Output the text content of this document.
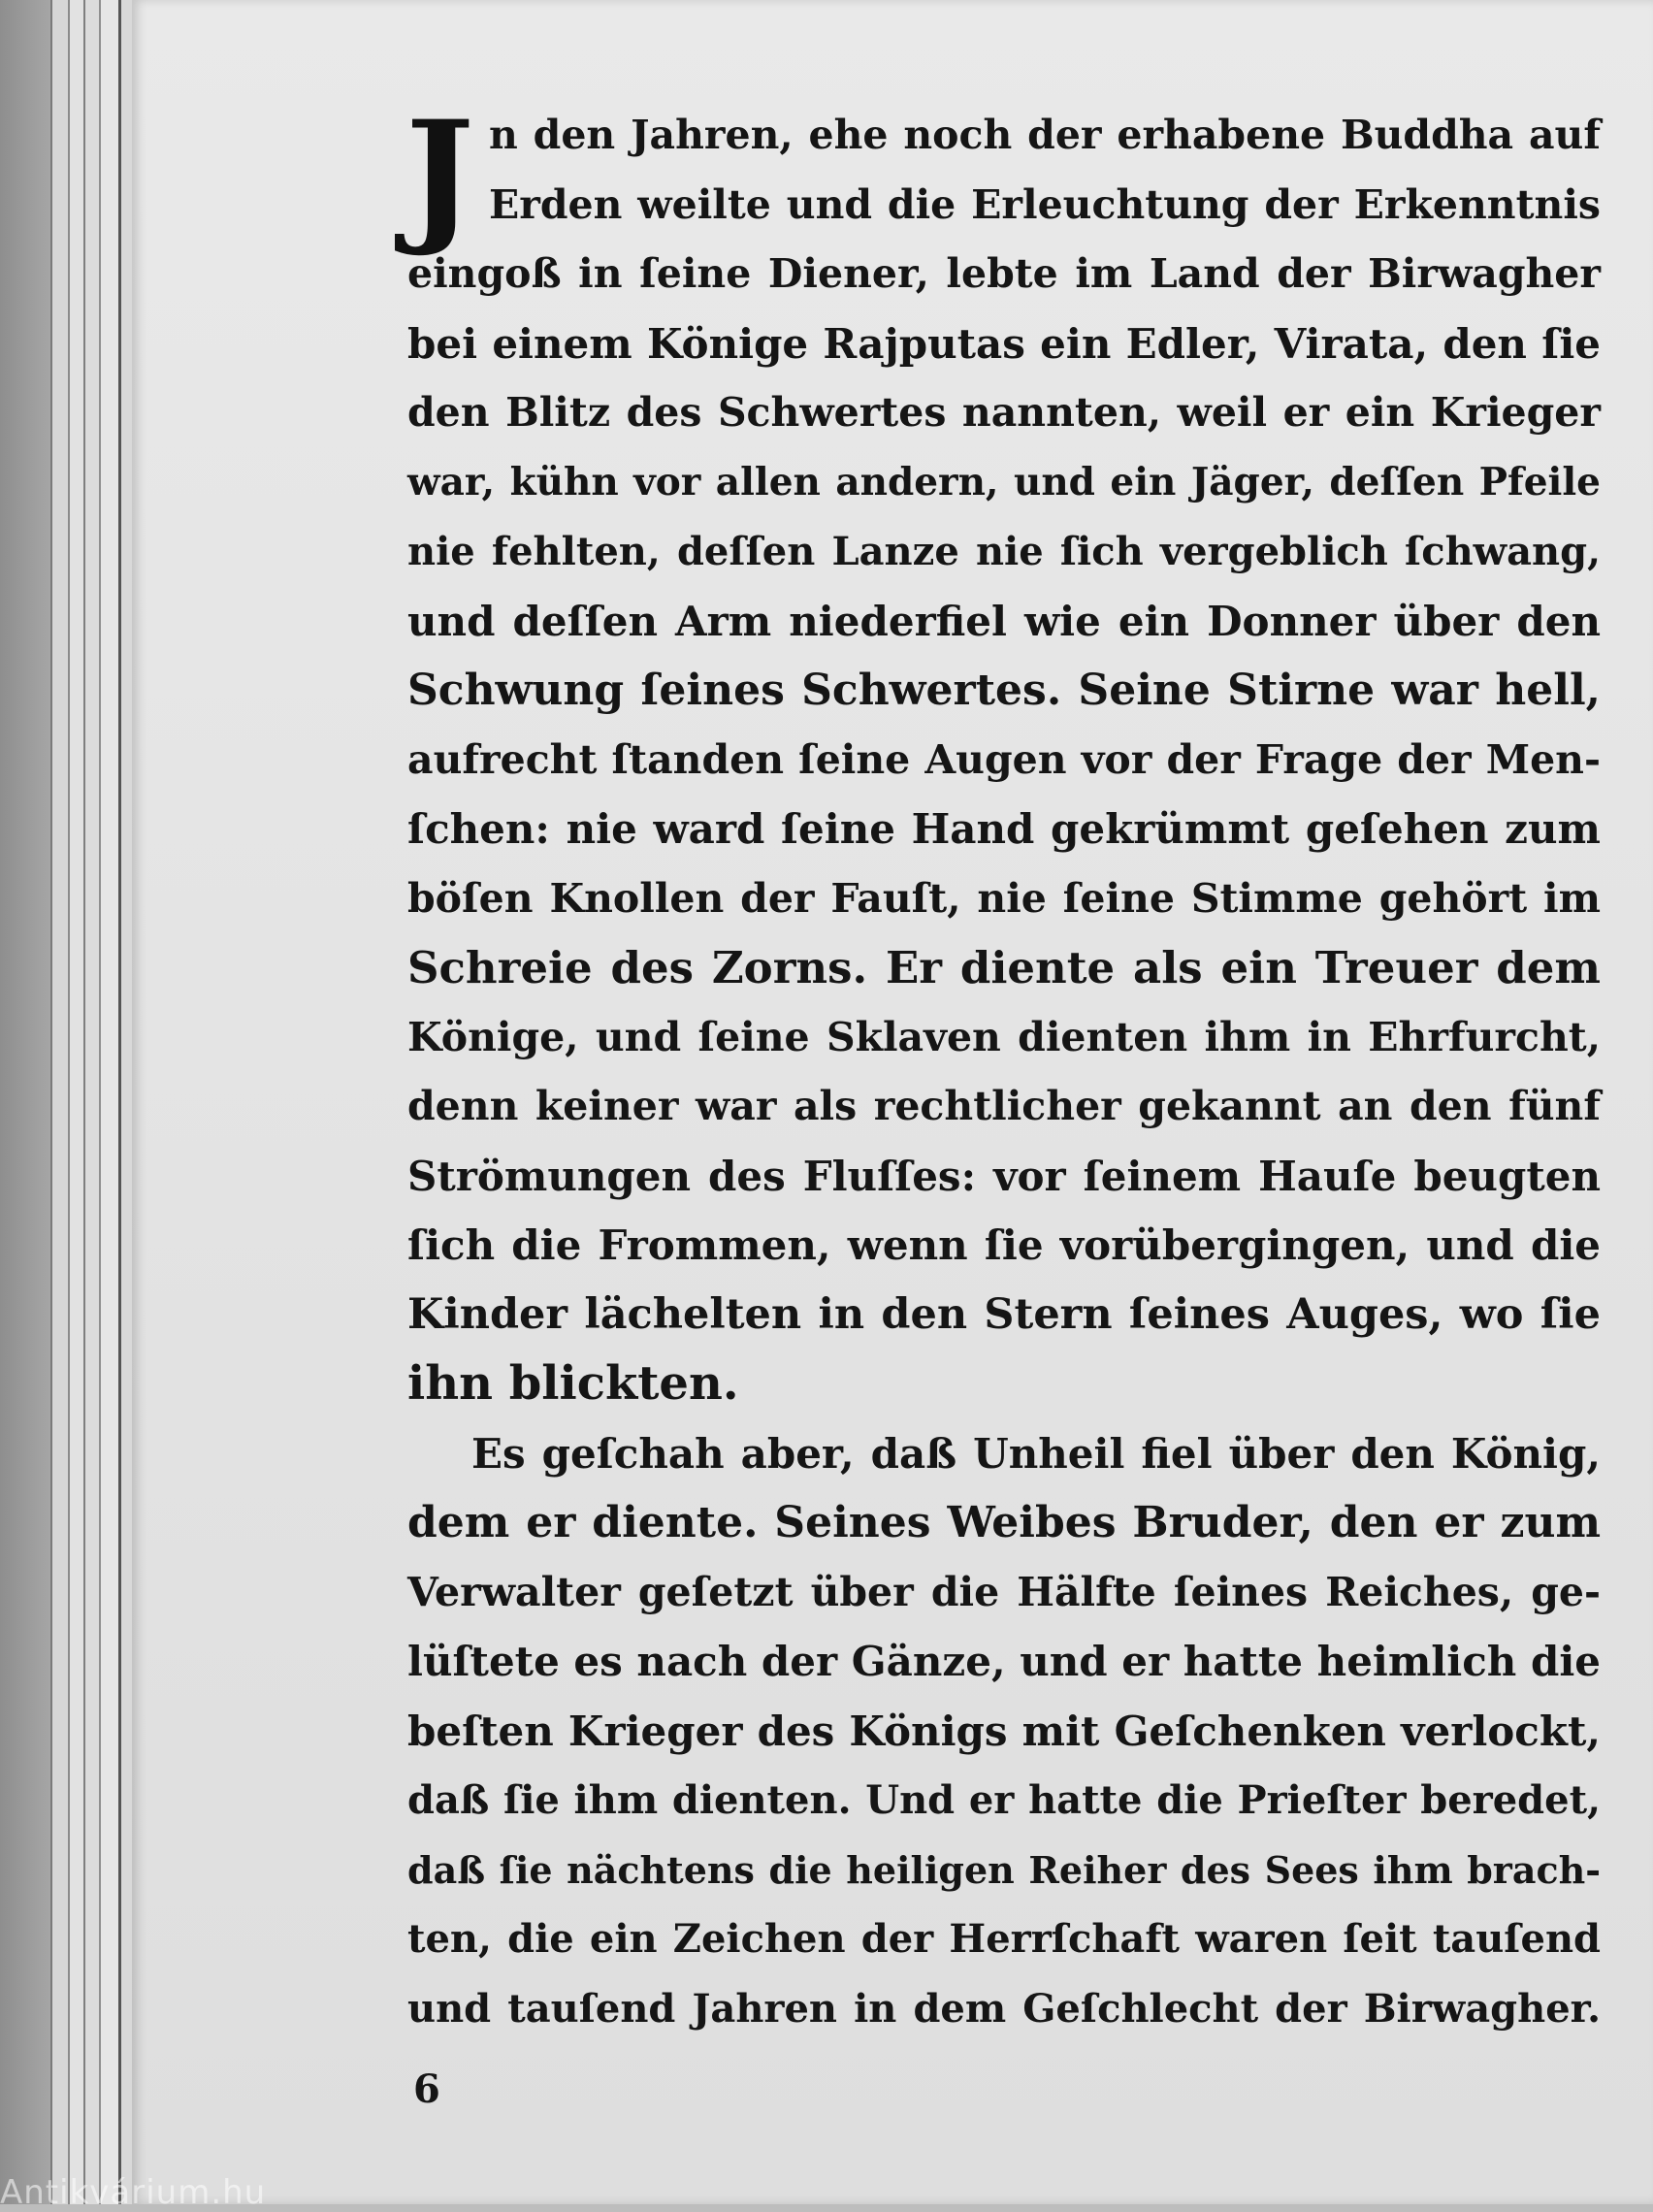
J n den Jahren, ehe noch der erhabene Buddha auf
Erden weilte und die Erleuchtung der Erkenntnis
eingoß in ſeine Diener, lebte im Land der Birwagher
bei einem Könige Rajputas ein Edler, Virata, den ſie
den Blitz des Schwertes nannten, weil er ein Krieger
war, kühn vor allen andern, und ein Jäger, deſſen Pfeile
nie fehlten, deſſen Lanze nie ſich vergeblich ſchwang,
und deſſen Arm niederfiel wie ein Donner über den
Schwung ſeines Schwertes. Seine Stirne war hell,
aufrecht ſtanden ſeine Augen vor der Frage der Men-
ſchen: nie ward ſeine Hand gekrümmt geſehen zum
böſen Knollen der Fauſt, nie ſeine Stimme gehört im
Schreie des Zorns. Er diente als ein Treuer dem
Könige, und ſeine Sklaven dienten ihm in Ehrfurcht,
denn keiner war als rechtlicher gekannt an den fünf
Strömungen des Fluſſes: vor ſeinem Hauſe beugten
ſich die Frommen, wenn ſie vorübergingen, und die
Kinder lächelten in den Stern ſeines Auges, wo ſie
ihn blickten.
Es geſchah aber, daß Unheil fiel über den König,
dem er diente. Seines Weibes Bruder, den er zum
Verwalter geſetzt über die Hälfte ſeines Reiches, ge-
lüſtete es nach der Gänze, und er hatte heimlich die
beſten Krieger des Königs mit Geſchenken verlockt,
daß ſie ihm dienten. Und er hatte die Prieſter beredet,
daß ſie nächtens die heiligen Reiher des Sees ihm brach-
ten, die ein Zeichen der Herrſchaft waren ſeit tauſend
und tauſend Jahren in dem Geſchlecht der Birwagher.
6
Antikvárium.hu
